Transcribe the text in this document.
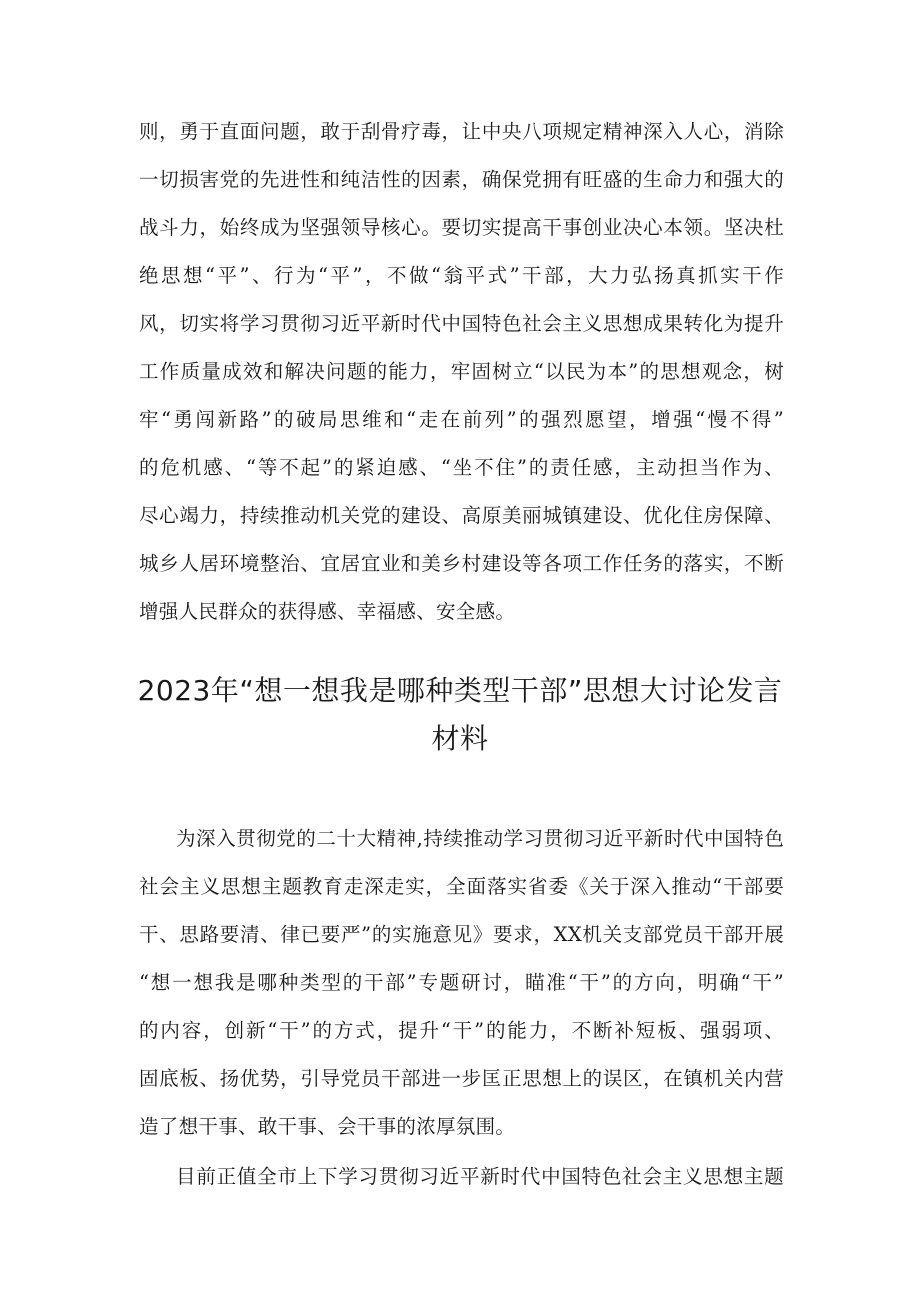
则，勇于直面问题，敢于刮骨疗毒，让中央八项规定精神深入人心，消除
一切损害党的先进性和纯洁性的因素，确保党拥有旺盛的生命力和强大的
战斗力，始终成为坚强领导核心。要切实提高干事创业决心本领。坚决杜
绝思想“平”、行为“平”，不做“翁平式”干部，大力弘扬真抓实干作
风，切实将学习贯彻习近平新时代中国特色社会主义思想成果转化为提升
工作质量成效和解决问题的能力，牢固树立“以民为本”的思想观念，树
牢“勇闯新路”的破局思维和“走在前列”的强烈愿望，增强“慢不得”
的危机感、“等不起”的紧迫感、“坐不住”的责任感，主动担当作为、
尽心竭力，持续推动机关党的建设、高原美丽城镇建设、优化住房保障、
城乡人居环境整治、宜居宜业和美乡村建设等各项工作任务的落实，不断
增强人民群众的获得感、幸福感、安全感。
2023年“想一想我是哪种类型干部”思想大讨论发言
材料
为深入贯彻党的二十大精神,持续推动学习贯彻习近平新时代中国特色
社会主义思想主题教育走深走实，全面落实省委《关于深入推动“干部要
干、思路要清、律已要严”的实施意见》要求，XX机关支部党员干部开展
“想一想我是哪种类型的干部”专题研讨，瞄准“干”的方向，明确“干”
的内容，创新“干”的方式，提升“干”的能力，不断补短板、强弱项、
固底板、扬优势，引导党员干部进一步匡正思想上的误区，在镇机关内营
造了想干事、敢干事、会干事的浓厚氛围。
目前正值全市上下学习贯彻习近平新时代中国特色社会主义思想主题
